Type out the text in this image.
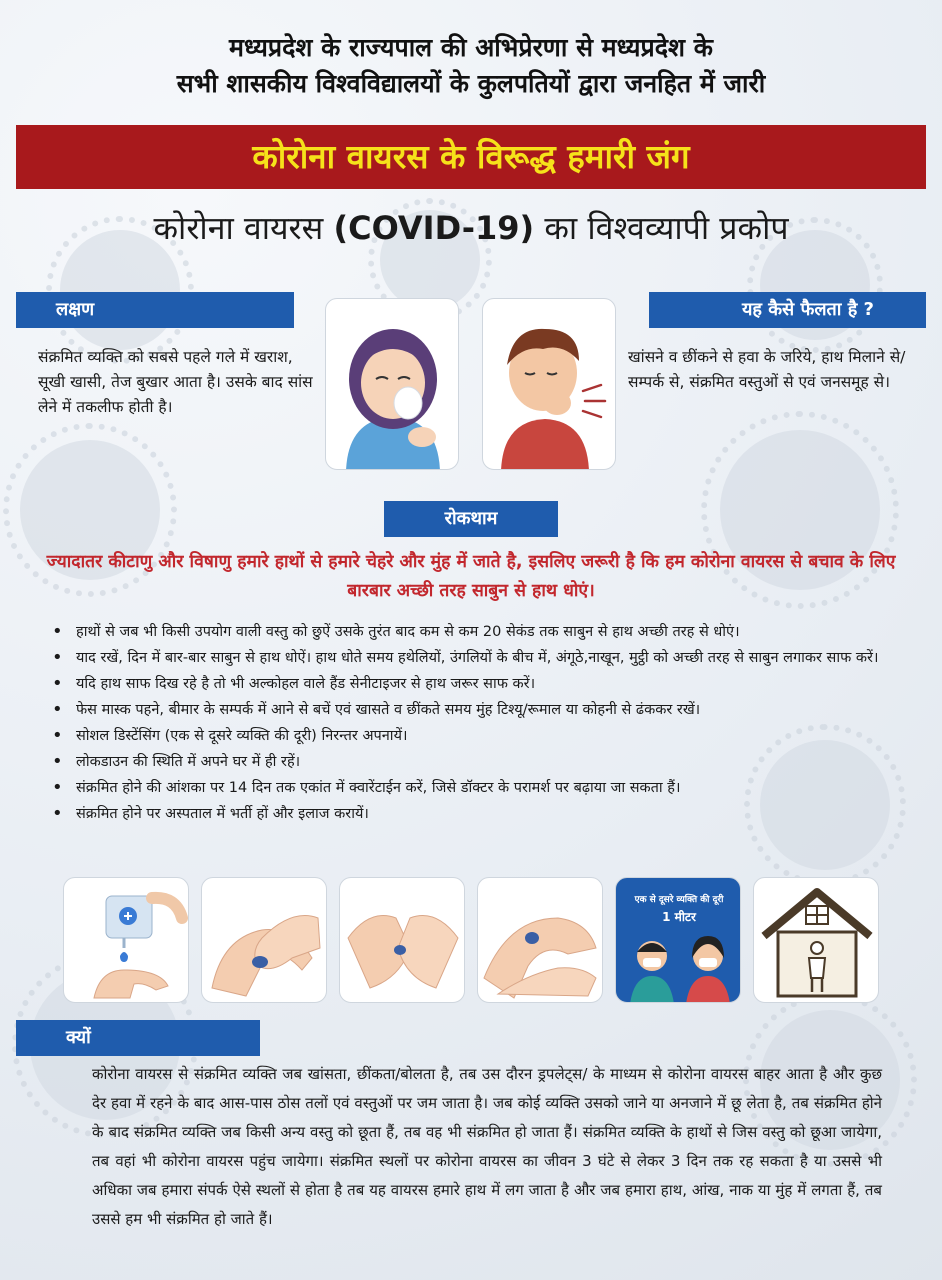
मध्यप्रदेश के राज्यपाल की अभिप्रेरणा से मध्यप्रदेश के
सभी शासकीय विश्वविद्यालयों के कुलपतियों द्वारा जनहित में जारी
कोरोना वायरस के विरूद्ध हमारी जंग
कोरोना वायरस (COVID-19) का विश्वव्यापी प्रकोप
लक्षण
संक्रमित व्यक्ति को सबसे पहले गले में खराश, सूखी खासी, तेज बुखार आता है। उसके बाद सांस लेने में तकलीफ होती है।
यह कैसे फैलता है ?
खांसने व छींकने से हवा के जरिये, हाथ मिलाने से/सम्पर्क से, संक्रमित वस्तुओं से एवं जनसमूह से।
रोकथाम
ज्यादातर कीटाणु और विषाणु हमारे हाथों से हमारे चेहरे और मुंह में जाते है, इसलिए जरूरी है कि हम कोरोना वायरस से बचाव के लिए बारबार अच्छी तरह साबुन से हाथ धोएं।
• हाथों से जब भी किसी उपयोग वाली वस्तु को छुऐं उसके तुरंत बाद कम से कम 20 सेकंड तक साबुन से हाथ अच्छी तरह से धोएं।
• याद रखें, दिन में बार-बार साबुन से हाथ धोऐं। हाथ धोते समय हथेलियों, उंगलियों के बीच में, अंगूठे,नाखून, मुट्ठी को अच्छी तरह से साबुन लगाकर साफ करें।
• यदि हाथ साफ दिख रहे है तो भी अल्कोहल वाले हैंड सेनीटाइजर से हाथ जरूर साफ करें।
• फेस मास्क पहने, बीमार के सम्पर्क में आने से बचें एवं खासते व छींकते समय मुंह टिश्यू/रूमाल या कोहनी से ढंककर रखें।
• सोशल डिस्टेंसिंग (एक से दूसरे व्यक्ति की दूरी) निरन्तर अपनायें।
• लोकडाउन की स्थिति में अपने घर में ही रहें।
• संक्रमित होने की आंशका पर 14 दिन तक एकांत में क्वारेंटाईन करें, जिसे डॉक्टर के परामर्श पर बढ़ाया जा सकता हैं।
• संक्रमित होने पर अस्पताल में भर्ती हों और इलाज करायें।
एक से दूसरे व्यक्ति की दूरी
1 मीटर
क्यों
कोरोना वायरस से संक्रमित व्यक्ति जब खांसता, छींकता/बोलता है, तब उस दौरन ड्रपलेट्स/ के माध्यम से कोरोना वायरस बाहर आता है और कुछ देर हवा में रहने के बाद आस-पास ठोस तलों एवं वस्तुओं पर जम जाता है। जब कोई व्यक्ति उसको जाने या अनजाने में छू लेता है, तब संक्रमित होने के बाद संक्रमित व्यक्ति जब किसी अन्य वस्तु को छूता हैं, तब वह भी संक्रमित हो जाता हैं। संक्रमित व्यक्ति के हाथों से जिस वस्तु को छूआ जायेगा, तब वहां भी कोरोना वायरस पहुंच जायेगा। संक्रमित स्थलों पर कोरोना वायरस का जीवन 3 घंटे से लेकर 3 दिन तक रह सकता है या उससे भी अधिका जब हमारा संपर्क ऐसे स्थलों से होता है तब यह वायरस हमारे हाथ में लग जाता है और जब हमारा हाथ, आंख, नाक या मुंह में लगता हैं, तब उससे हम भी संक्रमित हो जाते हैं।
